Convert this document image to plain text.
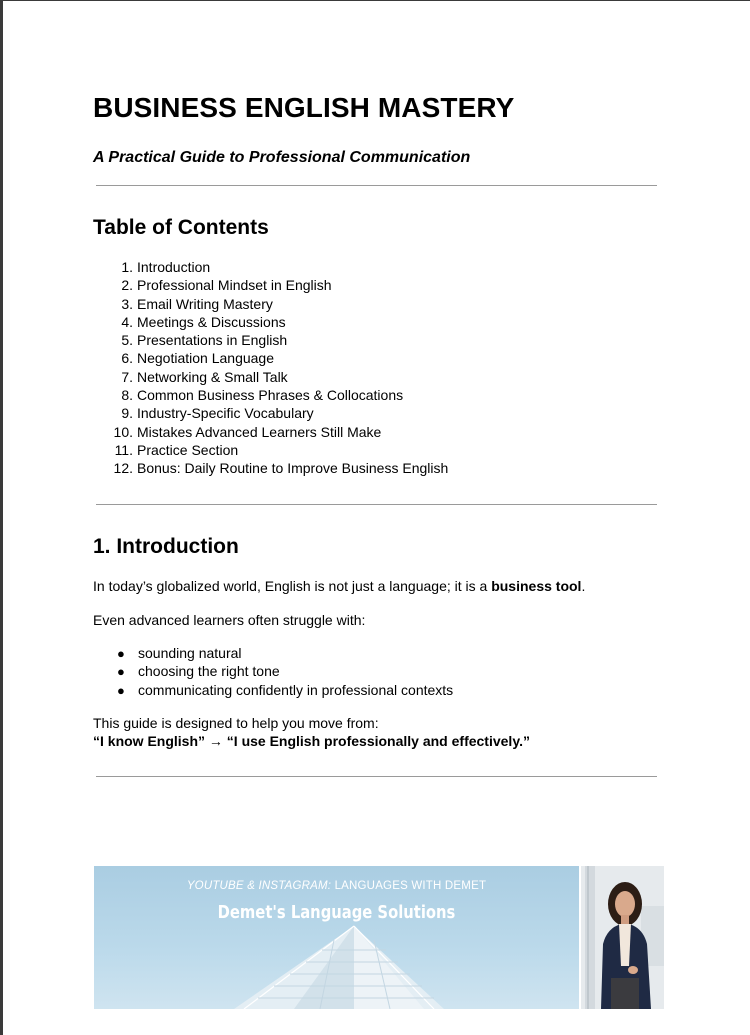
BUSINESS ENGLISH MASTERY

A Practical Guide to Professional Communication

Table of Contents
1. Introduction
2. Professional Mindset in English
3. Email Writing Mastery
4. Meetings & Discussions
5. Presentations in English
6. Negotiation Language
7. Networking & Small Talk
8. Common Business Phrases & Collocations
9. Industry-Specific Vocabulary
10. Mistakes Advanced Learners Still Make
11. Practice Section
12. Bonus: Daily Routine to Improve Business English
1. Introduction

In today’s globalized world, English is not just a language; it is a business tool.

Even advanced learners often struggle with:

● sounding natural
● choosing the right tone
● communicating confidently in professional contexts

This guide is designed to help you move from:

“I know English” → “I use English professionally and effectively.”

YOUTUBE & INSTAGRAM: LANGUAGES WITH DEMET
Demet's Language Solutions
